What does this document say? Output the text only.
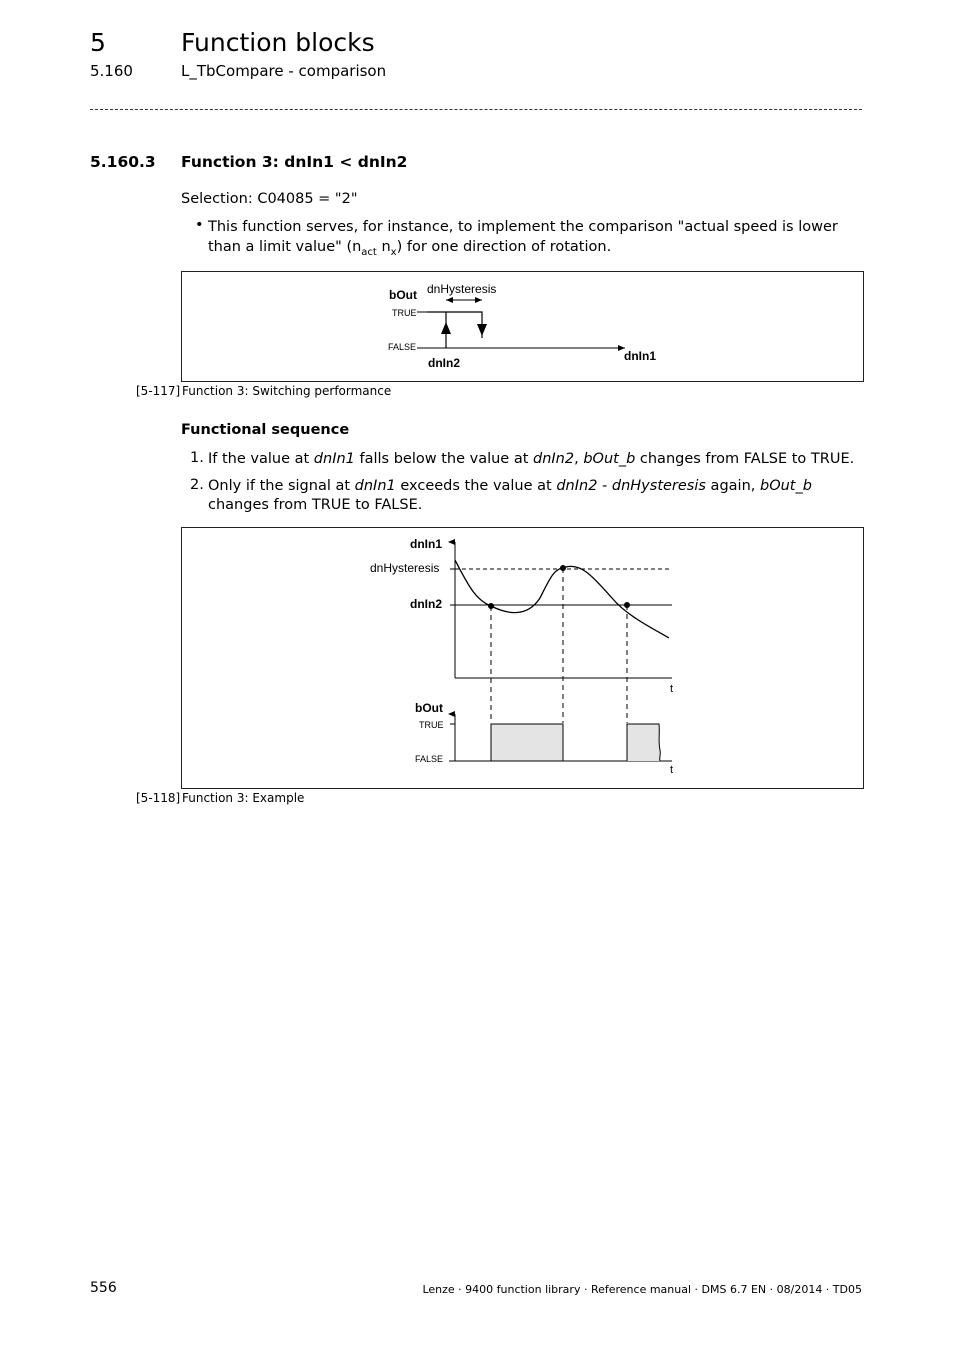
5	Function blocks
5.160	L_TbCompare - comparison
5.160.3 Function 3: dnIn1 < dnIn2
Selection: C04085 = "2"
• This function serves, for instance, to implement the comparison "actual speed is lower than a limit value" ($n_{act}$ $n_x$) for one direction of rotation.
bOut dnHysteresis
TRUE
FALSE
dnIn2	dnIn1
[5-117] Function 3: Switching performance
Functional sequence
1. If the value at dnIn1 falls below the value at dnIn2, bOut_b changes from FALSE to TRUE.
2. Only if the signal at dnIn1 exceeds the value at dnIn2 - dnHysteresis again, bOut_b changes from TRUE to FALSE.
dnIn1
dnHysteresis
dnIn2
t
bOut
TRUE
FALSE
t
[5-118] Function 3: Example
556	Lenze · 9400 function library · Reference manual · DMS 6.7 EN · 08/2014 · TD05
